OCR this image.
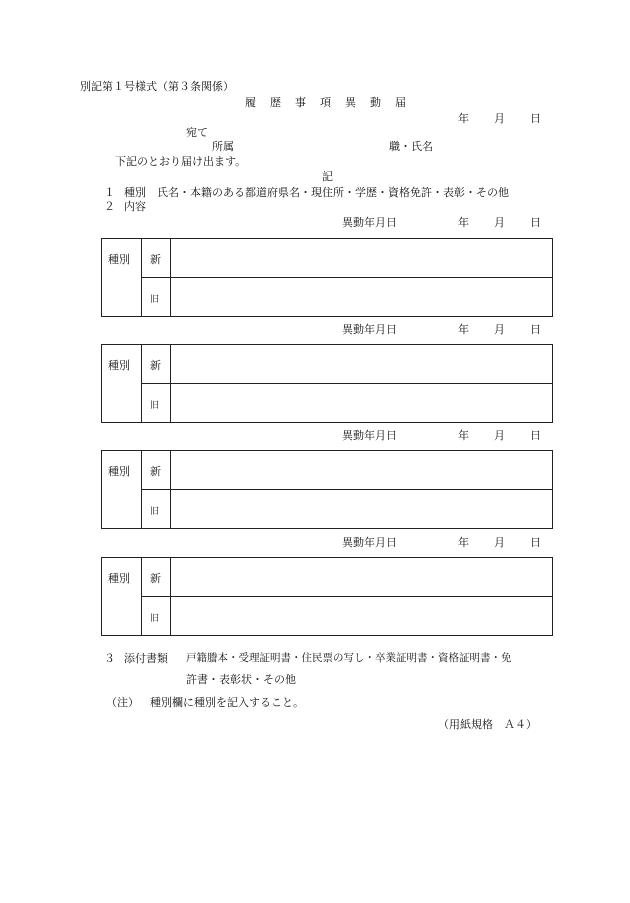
別記第１号様式（第３条関係）
履 歴 事 項 異 動 届
年 月 日
宛て
所属	職・氏名
下記のとおり届け出ます。
記
１ 種別　氏名・本籍のある都道府県名・現住所・学歴・資格免許・表彰・その他
２ 内容
異動年月日	年 月 日
種別 新
旧
異動年月日	年 月 日
種別 新
旧
異動年月日	年 月 日
種別 新
旧
異動年月日	年 月 日
種別 新
旧
３ 添付書類 戸籍謄本・受理証明書・住民票の写し・卒業証明書・資格証明書・免
許書・表彰状・その他
（注） 種別欄に種別を記入すること。
（用紙規格　Ａ４）
